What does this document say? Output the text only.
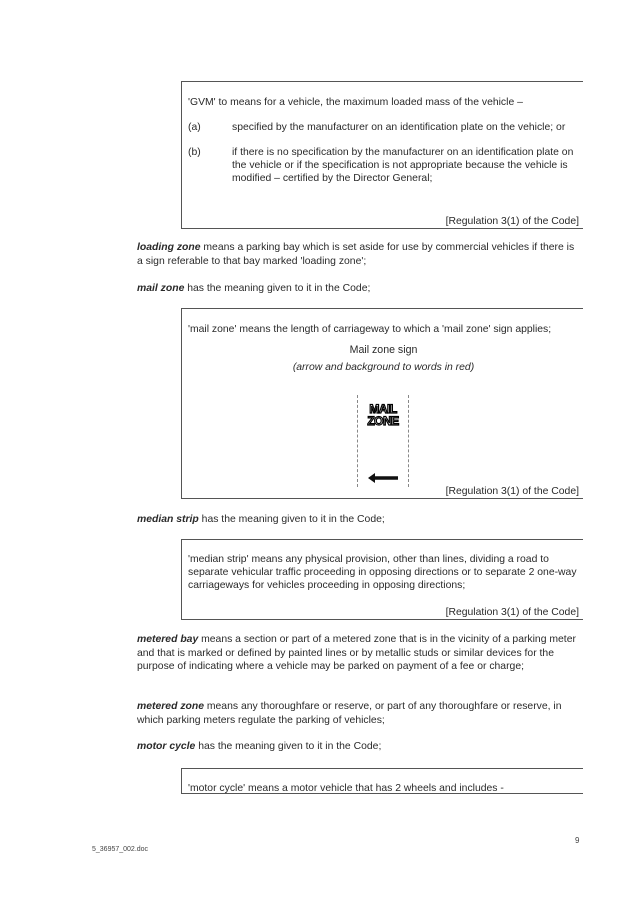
'GVM' to means for a vehicle, the maximum loaded mass of the vehicle –

(a)	specified by the manufacturer on an identification plate on the vehicle; or
(b)	if there is no specification by the manufacturer on an identification plate on the vehicle or if the specification is not appropriate because the vehicle is modified – certified by the Director General;
[Regulation 3(1) of the Code]

loading zone means a parking bay which is set aside for use by commercial vehicles if there is a sign referable to that bay marked 'loading zone';

mail zone has the meaning given to it in the Code;

'mail zone' means the length of carriageway to which a 'mail zone' sign applies;

Mail zone sign

(arrow and background to words in red)

[Regulation 3(1) of the Code]
MAIL
ZONE

median strip has the meaning given to it in the Code;

'median strip' means any physical provision, other than lines, dividing a road to separate vehicular traffic proceeding in opposing directions or to separate 2 one-way carriageways for vehicles proceeding in opposing directions;

[Regulation 3(1) of the Code]

metered bay means a section or part of a metered zone that is in the vicinity of a parking meter and that is marked or defined by painted lines or by metallic studs or similar devices for the purpose of indicating where a vehicle may be parked on payment of a fee or charge;

metered zone means any thoroughfare or reserve, or part of any thoroughfare or reserve, in which parking meters regulate the parking of vehicles;

motor cycle has the meaning given to it in the Code;

'motor cycle' means a motor vehicle that has 2 wheels and includes -

5_36957_002.doc
9
